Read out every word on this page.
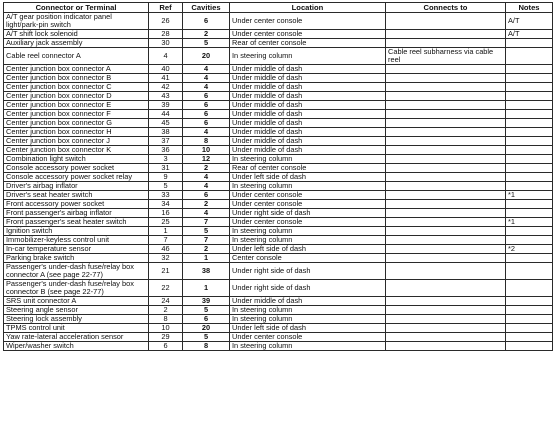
Connector or Terminal	Ref	Cavities	Location	Connects to	Notes
A/T gear position indicator panel light/park-pin switch	26	6	Under center console		A/T
A/T shift lock solenoid	28	2	Under center console		A/T
Auxiliary jack assembly	30	5	Rear of center console		
Cable reel connector A	4	20	In steering column	Cable reel subharness via cable reel	
Center junction box connector A	40	4	Under middle of dash		
Center junction box connector B	41	4	Under middle of dash		
Center junction box connector C	42	4	Under middle of dash		
Center junction box connector D	43	6	Under middle of dash		
Center junction box connector E	39	6	Under middle of dash		
Center junction box connector F	44	6	Under middle of dash		
Center junction box connector G	45	6	Under middle of dash		
Center junction box connector H	38	4	Under middle of dash		
Center junction box connector J	37	8	Under middle of dash		
Center junction box connector K	36	10	Under middle of dash		
Combination light switch	3	12	In steering column		
Console accessory power socket	31	2	Rear of center console		
Console accessory power socket relay	9	4	Under left side of dash		
Driver's airbag inflator	5	4	In steering column		
Driver's seat heater switch	33	6	Under center console		*1
Front accessory power socket	34	2	Under center console		
Front passenger's airbag inflator	16	4	Under right side of dash		
Front passenger's seat heater switch	25	7	Under center console		*1
Ignition switch	1	5	In steering column		
Immobilizer-keyless control unit	7	7	In steering column		
In-car temperature sensor	46	2	Under left side of dash		*2
Parking brake switch	32	1	Center console		
Passenger's under-dash fuse/relay box connector A (see page 22-77)	21	38	Under right side of dash		
Passenger's under-dash fuse/relay box connector B (see page 22-77)	22	1	Under right side of dash		
SRS unit connector A	24	39	Under middle of dash		
Steering angle sensor	2	5	In steering column		
Steering lock assembly	8	6	In steering column		
TPMS control unit	10	20	Under left side of dash		
Yaw rate-lateral acceleration sensor	29	5	Under center console		
Wiper/washer switch	6	8	In steering column		
